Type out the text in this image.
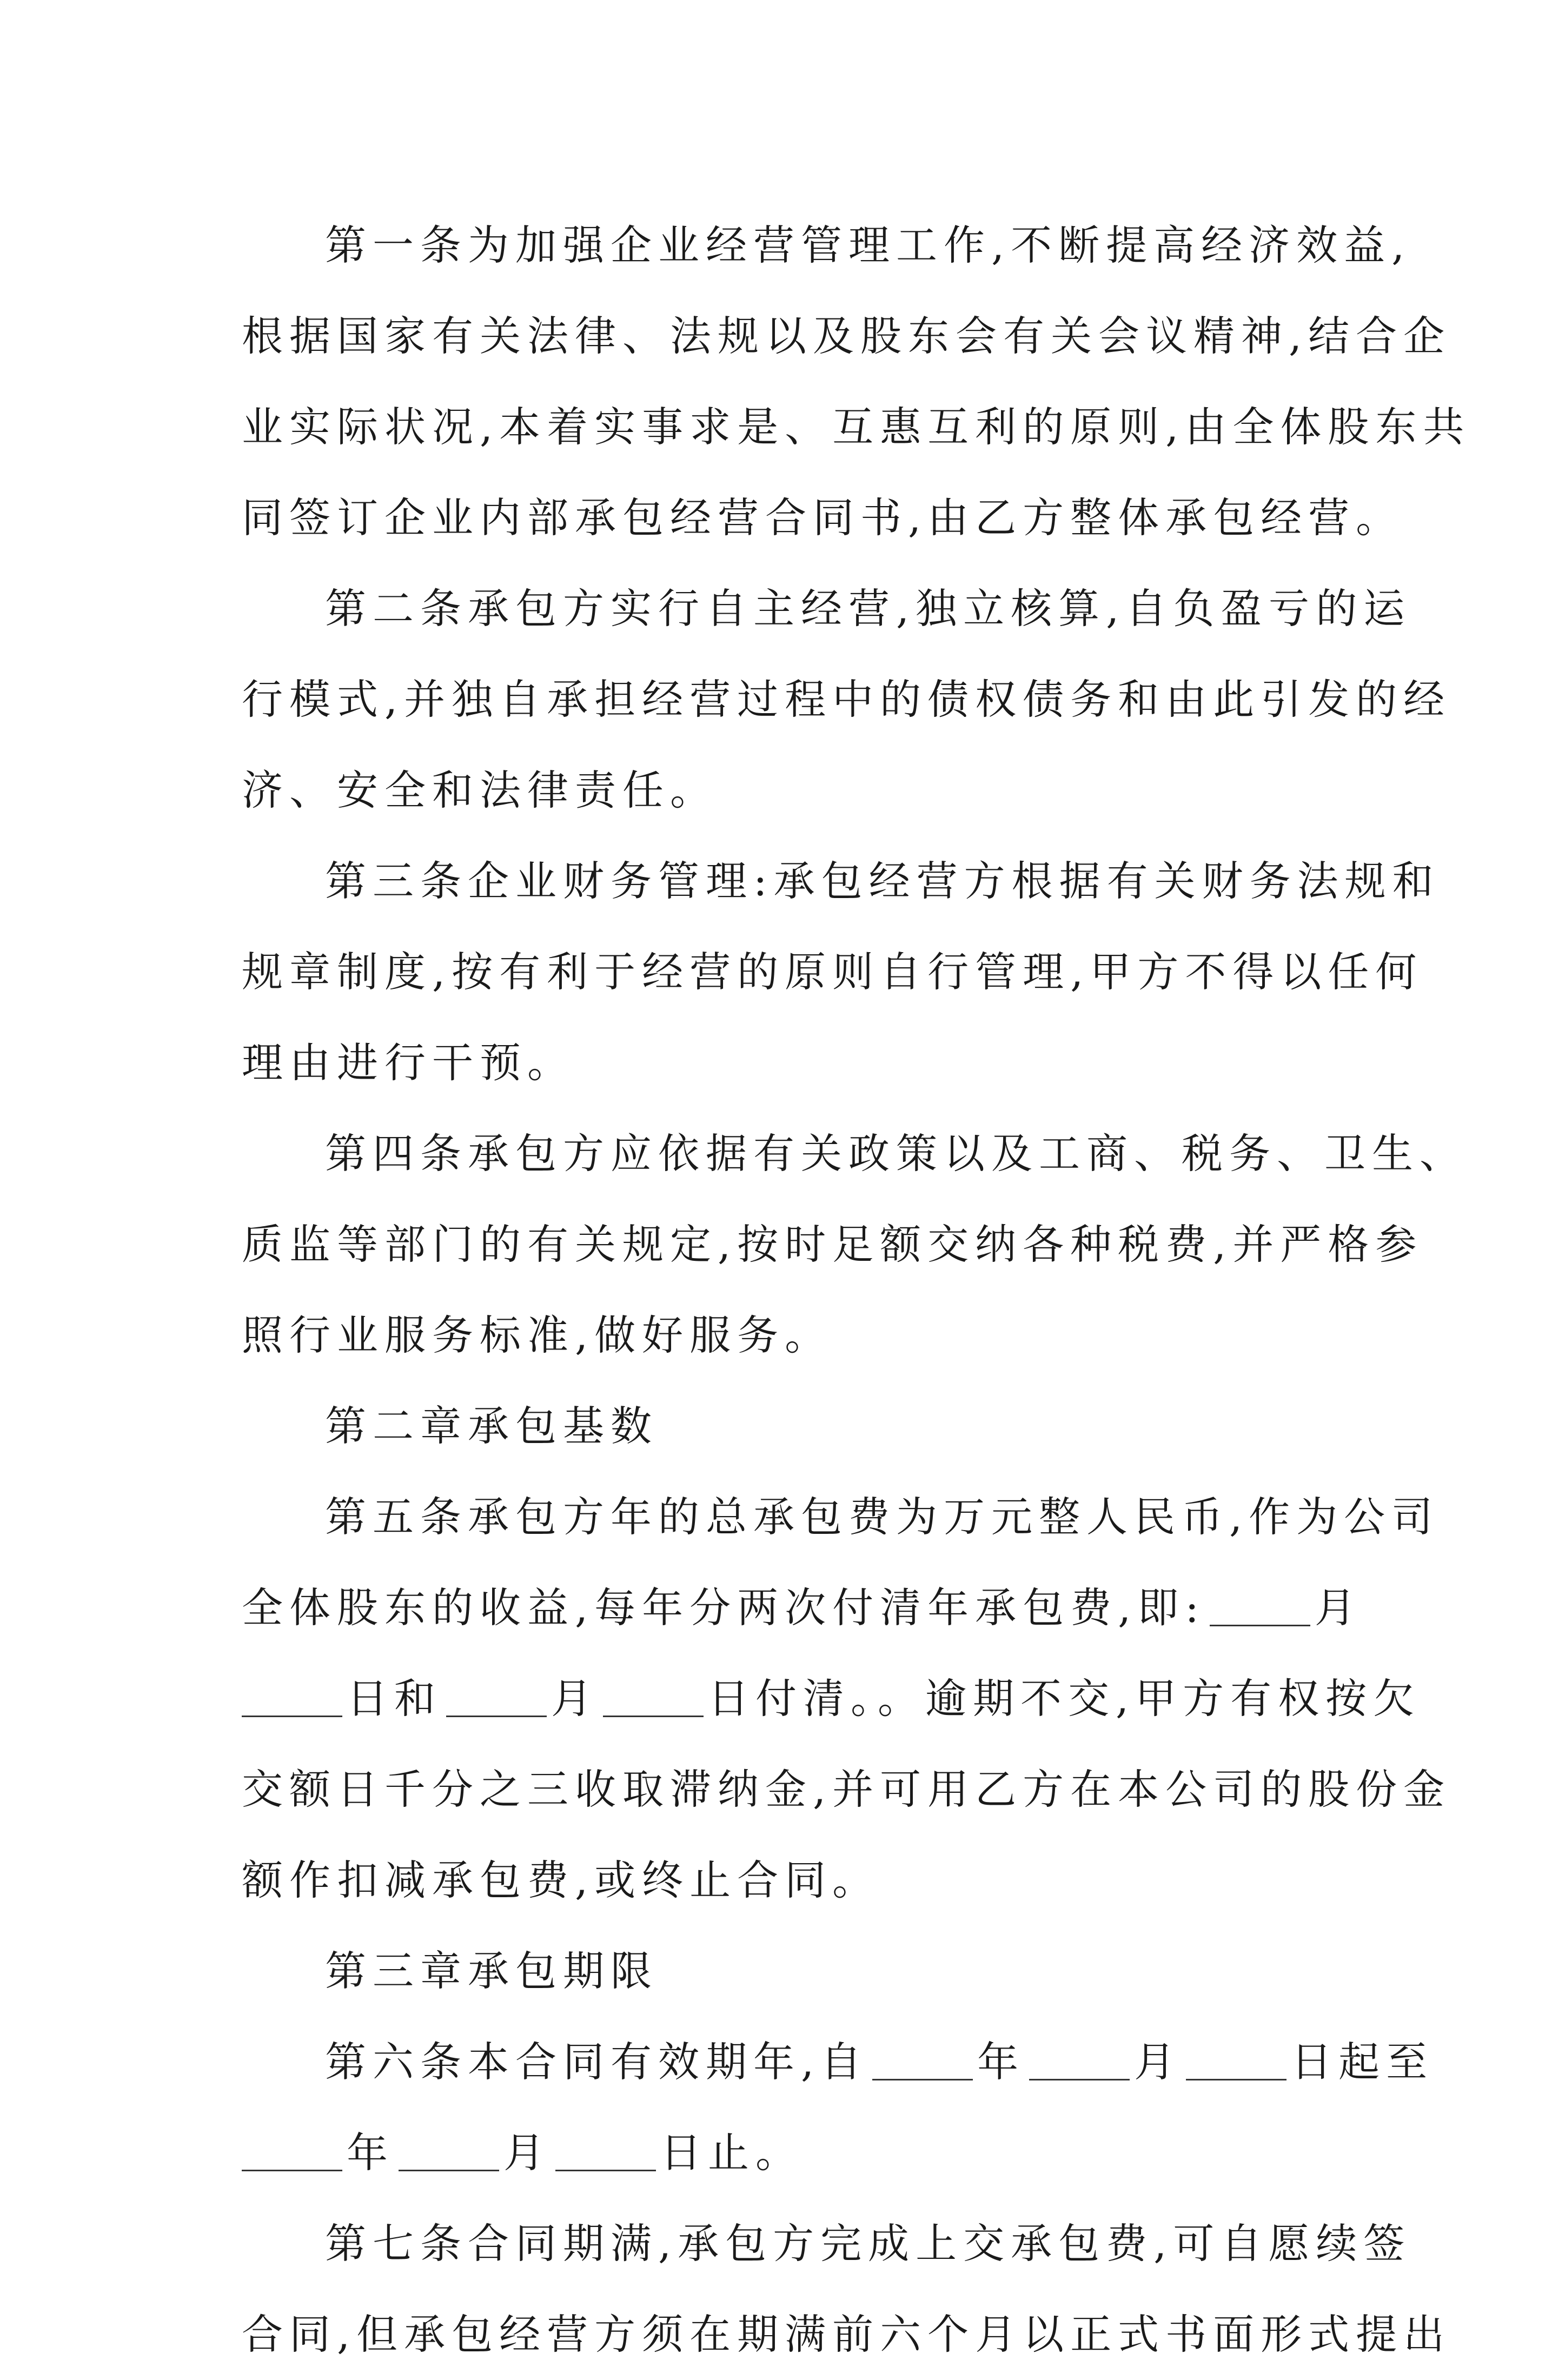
第一条为加强企业经营管理工作,不断提高经济效益,
根据国家有关法律、法规以及股东会有关会议精神,结合企
业实际状况,本着实事求是、互惠互利的原则,由全体股东共
同签订企业内部承包经营合同书,由乙方整体承包经营。
第二条承包方实行自主经营,独立核算,自负盈亏的运
行模式,并独自承担经营过程中的债权债务和由此引发的经
济、安全和法律责任。
第三条企业财务管理:承包经营方根据有关财务法规和
规章制度,按有利于经营的原则自行管理,甲方不得以任何
理由进行干预。
第四条承包方应依据有关政策以及工商、税务、卫生、
质监等部门的有关规定,按时足额交纳各种税费,并严格参
照行业服务标准,做好服务。
第二章承包基数
第五条承包方年的总承包费为万元整人民币,作为公司
全体股东的收益,每年分两次付清年承包费,即:	月
日和	月	日付清。。逾期不交,甲方有权按欠
交额日千分之三收取滞纳金,并可用乙方在本公司的股份金
额作扣减承包费,或终止合同。
第三章承包期限
第六条本合同有效期年,自	年	月	日起至
年	月	日止。
第七条合同期满,承包方完成上交承包费,可自愿续签
合同,但承包经营方须在期满前六个月以正式书面形式提出
